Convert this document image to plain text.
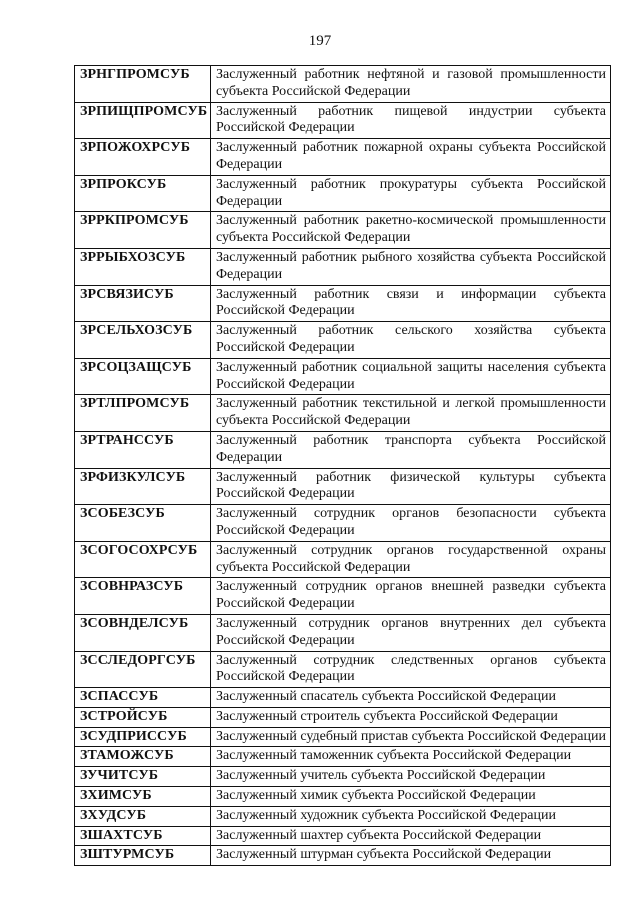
197
ЗРНГПРОМСУБ	Заслуженный работник нефтяной и газовой промышленности субъекта Российской Федерации
ЗРПИЩПРОМСУБ	Заслуженный работник пищевой индустрии субъекта Российской Федерации
ЗРПОЖОХРСУБ	Заслуженный работник пожарной охраны субъекта Российской Федерации
ЗРПРОКСУБ	Заслуженный работник прокуратуры субъекта Российской Федерации
ЗРРКПРОМСУБ	Заслуженный работник ракетно-космической промышленности субъекта Российской Федерации
ЗРРЫБХОЗСУБ	Заслуженный работник рыбного хозяйства субъекта Российской Федерации
ЗРСВЯЗИСУБ	Заслуженный работник связи и информации субъекта Российской Федерации
ЗРСЕЛЬХОЗСУБ	Заслуженный работник сельского хозяйства субъекта Российской Федерации
ЗРСОЦЗАЩСУБ	Заслуженный работник социальной защиты населения субъекта Российской Федерации
ЗРТЛПРОМСУБ	Заслуженный работник текстильной и легкой промышленности субъекта Российской Федерации
ЗРТРАНССУБ	Заслуженный работник транспорта субъекта Российской Федерации
ЗРФИЗКУЛСУБ	Заслуженный работник физической культуры субъекта Российской Федерации
ЗСОБЕЗСУБ	Заслуженный сотрудник органов безопасности субъекта Российской Федерации
ЗСОГОСОХРСУБ	Заслуженный сотрудник органов государственной охраны субъекта Российской Федерации
ЗСОВНРАЗСУБ	Заслуженный сотрудник органов внешней разведки субъекта Российской Федерации
ЗСОВНДЕЛСУБ	Заслуженный сотрудник органов внутренних дел субъекта Российской Федерации
ЗССЛЕДОРГСУБ	Заслуженный сотрудник следственных органов субъекта Российской Федерации
ЗСПАССУБ	Заслуженный спасатель субъекта Российской Федерации
ЗСТРОЙСУБ	Заслуженный строитель субъекта Российской Федерации
ЗСУДПРИССУБ	Заслуженный судебный пристав субъекта Российской Федерации
ЗТАМОЖСУБ	Заслуженный таможенник субъекта Российской Федерации
ЗУЧИТСУБ	Заслуженный учитель субъекта Российской Федерации
ЗХИМСУБ	Заслуженный химик субъекта Российской Федерации
ЗХУДСУБ	Заслуженный художник субъекта Российской Федерации
ЗШАХТСУБ	Заслуженный шахтер субъекта Российской Федерации
ЗШТУРМСУБ	Заслуженный штурман субъекта Российской Федерации
